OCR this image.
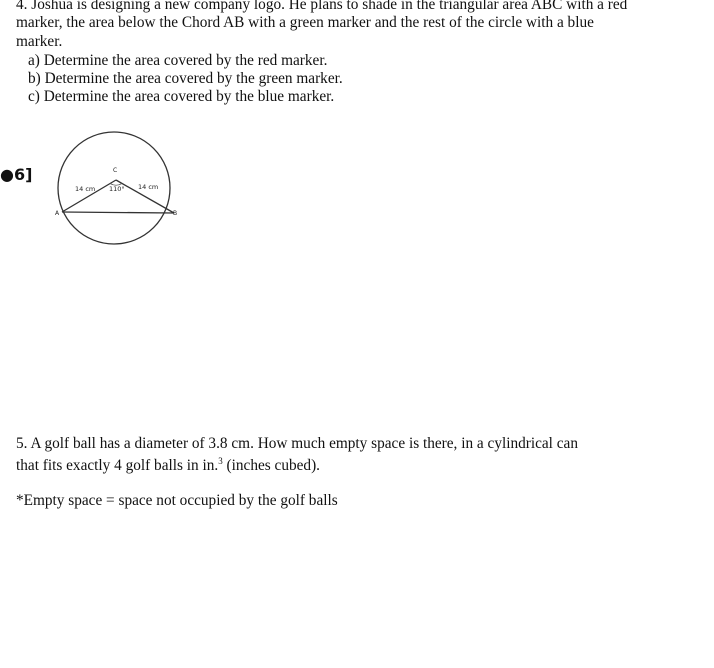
4. Joshua is designing a new company logo. He plans to shade in the triangular area ABC with a red
marker, the area below the Chord AB with a green marker and the rest of the circle with a blue
marker.
a) Determine the area covered by the red marker.
b) Determine the area covered by the green marker.
c) Determine the area covered by the blue marker.
●6]	C
A	B
14 cm 110° 14 cm
5. A golf ball has a diameter of 3.8 cm. How much empty space is there, in a cylindrical can
that fits exactly 4 golf balls in in.$^3$ (inches cubed).
*Empty space = space not occupied by the golf balls
